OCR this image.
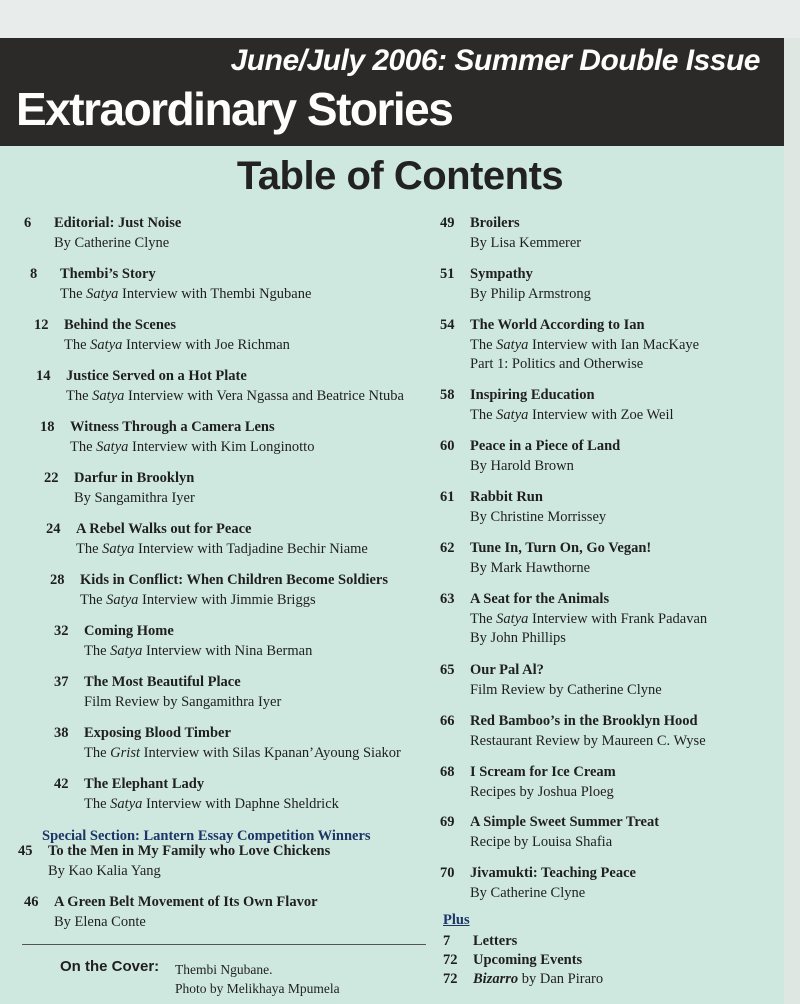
June/July 2006: Summer Double Issue
Extraordinary Stories
Table of Contents
6 Editorial: Just Noise
By Catherine Clyne
8 Thembi’s Story
The Satya Interview with Thembi Ngubane
12 Behind the Scenes
The Satya Interview with Joe Richman
14 Justice Served on a Hot Plate
The Satya Interview with Vera Ngassa and Beatrice Ntuba
18 Witness Through a Camera Lens
The Satya Interview with Kim Longinotto
22 Darfur in Brooklyn
By Sangamithra Iyer
24 A Rebel Walks out for Peace
The Satya Interview with Tadjadine Bechir Niame
28 Kids in Conflict: When Children Become Soldiers
The Satya Interview with Jimmie Briggs
32 Coming Home
The Satya Interview with Nina Berman
37 The Most Beautiful Place
Film Review by Sangamithra Iyer
38 Exposing Blood Timber
The Grist Interview with Silas Kpanan’Ayoung Siakor
42 The Elephant Lady
The Satya Interview with Daphne Sheldrick
45 To the Men in My Family who Love Chickens
By Kao Kalia Yang
46 A Green Belt Movement of Its Own Flavor
By Elena Conte
49 Broilers
By Lisa Kemmerer
51 Sympathy
By Philip Armstrong
54 The World According to Ian
The Satya Interview with Ian MacKaye
Part 1: Politics and Otherwise
58 Inspiring Education
The Satya Interview with Zoe Weil
60 Peace in a Piece of Land
By Harold Brown
61 Rabbit Run
By Christine Morrissey
62 Tune In, Turn On, Go Vegan!
By Mark Hawthorne
63 A Seat for the Animals
The Satya Interview with Frank Padavan
By John Phillips
65 Our Pal Al?
Film Review by Catherine Clyne
66 Red Bamboo’s in the Brooklyn Hood
Restaurant Review by Maureen C. Wyse
68 I Scream for Ice Cream
Recipes by Joshua Ploeg
69 A Simple Sweet Summer Treat
Recipe by Louisa Shafia
70 Jivamukti: Teaching Peace
By Catherine Clyne
Special Section: Lantern Essay Competition Winners
On the Cover: Thembi Ngubane.
Photo by Melikhaya Mpumela
Plus
7 Letters
72 Upcoming Events
72 Bizarro by Dan Piraro
